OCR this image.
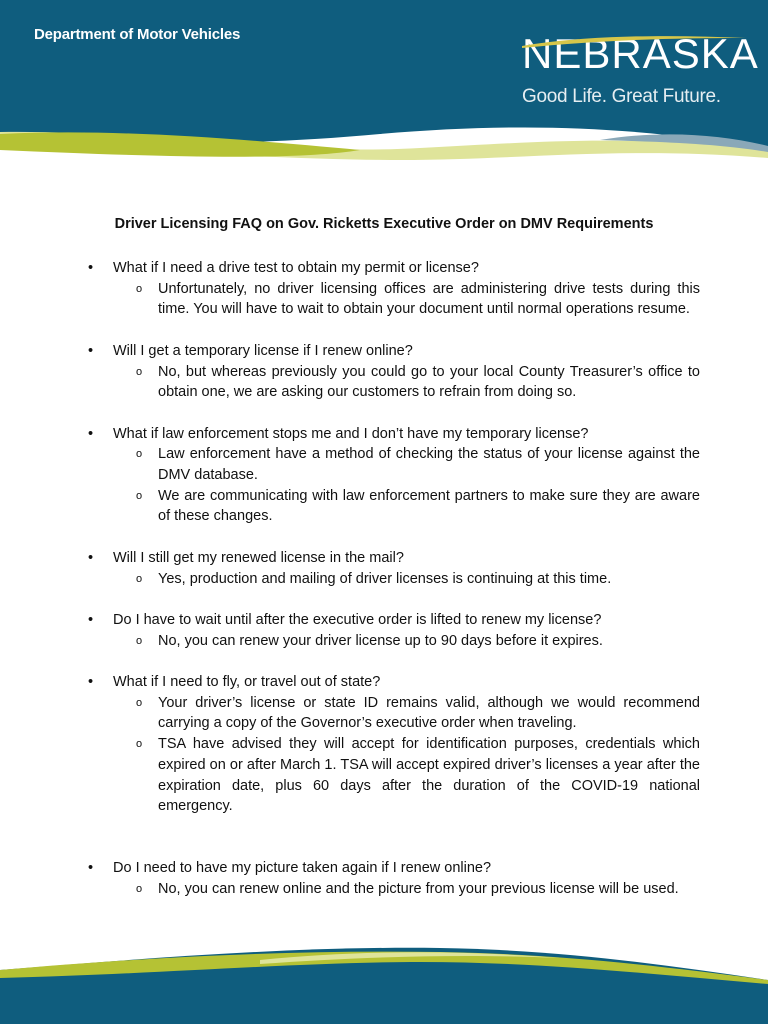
Department of Motor Vehicles	NEBRASKA
Good Life. Great Future.
Driver Licensing FAQ on Gov. Ricketts Executive Order on DMV Requirements
•	What if I need a drive test to obtain my permit or license?
o Unfortunately, no driver licensing offices are administering drive tests during this time. You will have to wait to obtain your document until normal operations resume.
•	Will I get a temporary license if I renew online?
o No, but whereas previously you could go to your local County Treasurer’s office to obtain one, we are asking our customers to refrain from doing so.
•	What if law enforcement stops me and I don’t have my temporary license?
o Law enforcement have a method of checking the status of your license against the DMV database.
o We are communicating with law enforcement partners to make sure they are aware of these changes.
•	Will I still get my renewed license in the mail?
o Yes, production and mailing of driver licenses is continuing at this time.
•	Do I have to wait until after the executive order is lifted to renew my license?
o No, you can renew your driver license up to 90 days before it expires.
•	What if I need to fly, or travel out of state?
o Your driver’s license or state ID remains valid, although we would recommend carrying a copy of the Governor’s executive order when traveling.
o TSA have advised they will accept for identification purposes, credentials which expired on or after March 1. TSA will accept expired driver’s licenses a year after the expiration date, plus 60 days after the duration of the COVID-19 national emergency.
•	Do I need to have my picture taken again if I renew online?
o No, you can renew online and the picture from your previous license will be used.
